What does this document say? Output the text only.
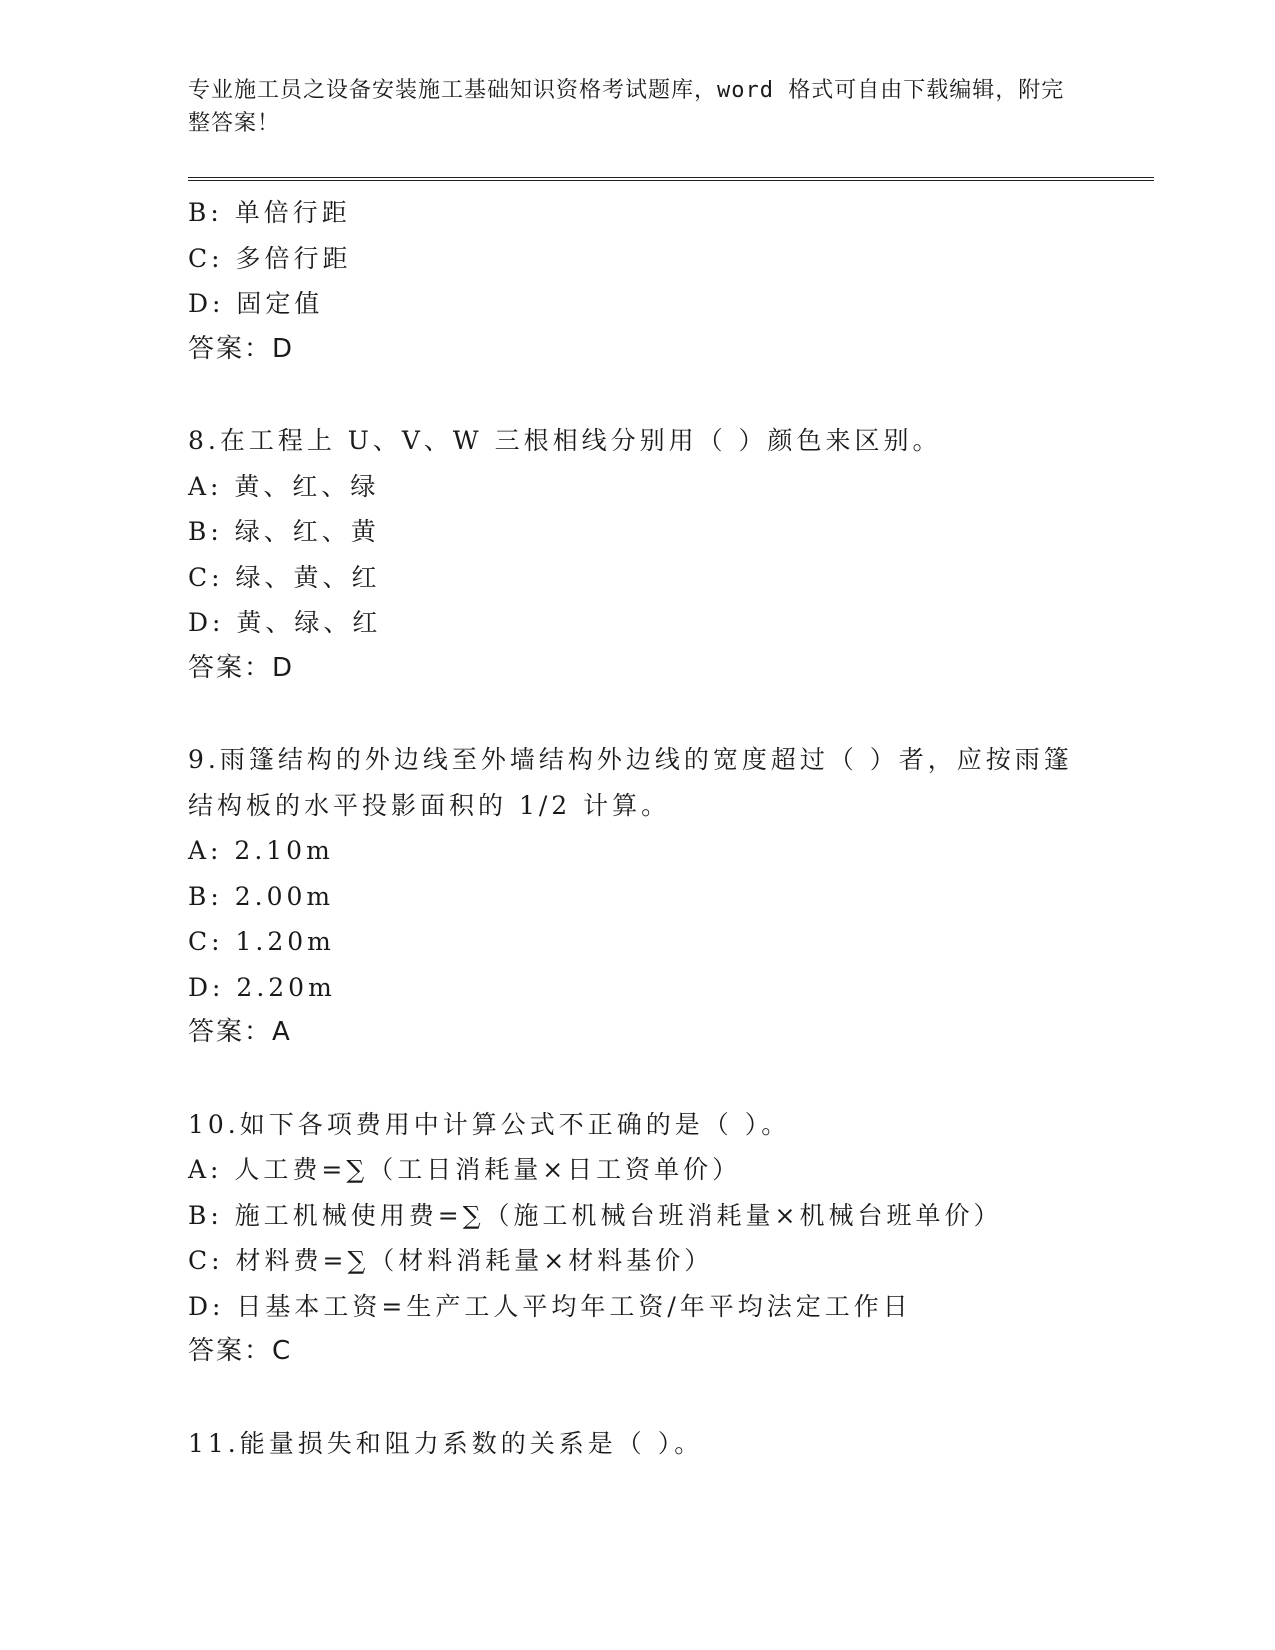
专业施工员之设备安装施工基础知识资格考试题库，word 格式可自由下载编辑，附完整答案！
B: 单倍行距
C: 多倍行距
D: 固定值
答案：D
8.在工程上 U、V、W 三根相线分别用（ ）颜色来区别。
A: 黄、红、绿
B: 绿、红、黄
C: 绿、黄、红
D: 黄、绿、红
答案：D
9.雨篷结构的外边线至外墙结构外边线的宽度超过（ ）者，应按雨篷
结构板的水平投影面积的 1/2 计算。
A: 2.10m
B: 2.00m
C: 1.20m
D: 2.20m
答案：A
10.如下各项费用中计算公式不正确的是（ ）。
A: 人工费=∑（工日消耗量×日工资单价）
B: 施工机械使用费=∑（施工机械台班消耗量×机械台班单价）
C: 材料费=∑（材料消耗量×材料基价）
D: 日基本工资=生产工人平均年工资/年平均法定工作日
答案：C
11.能量损失和阻力系数的关系是（ ）。
